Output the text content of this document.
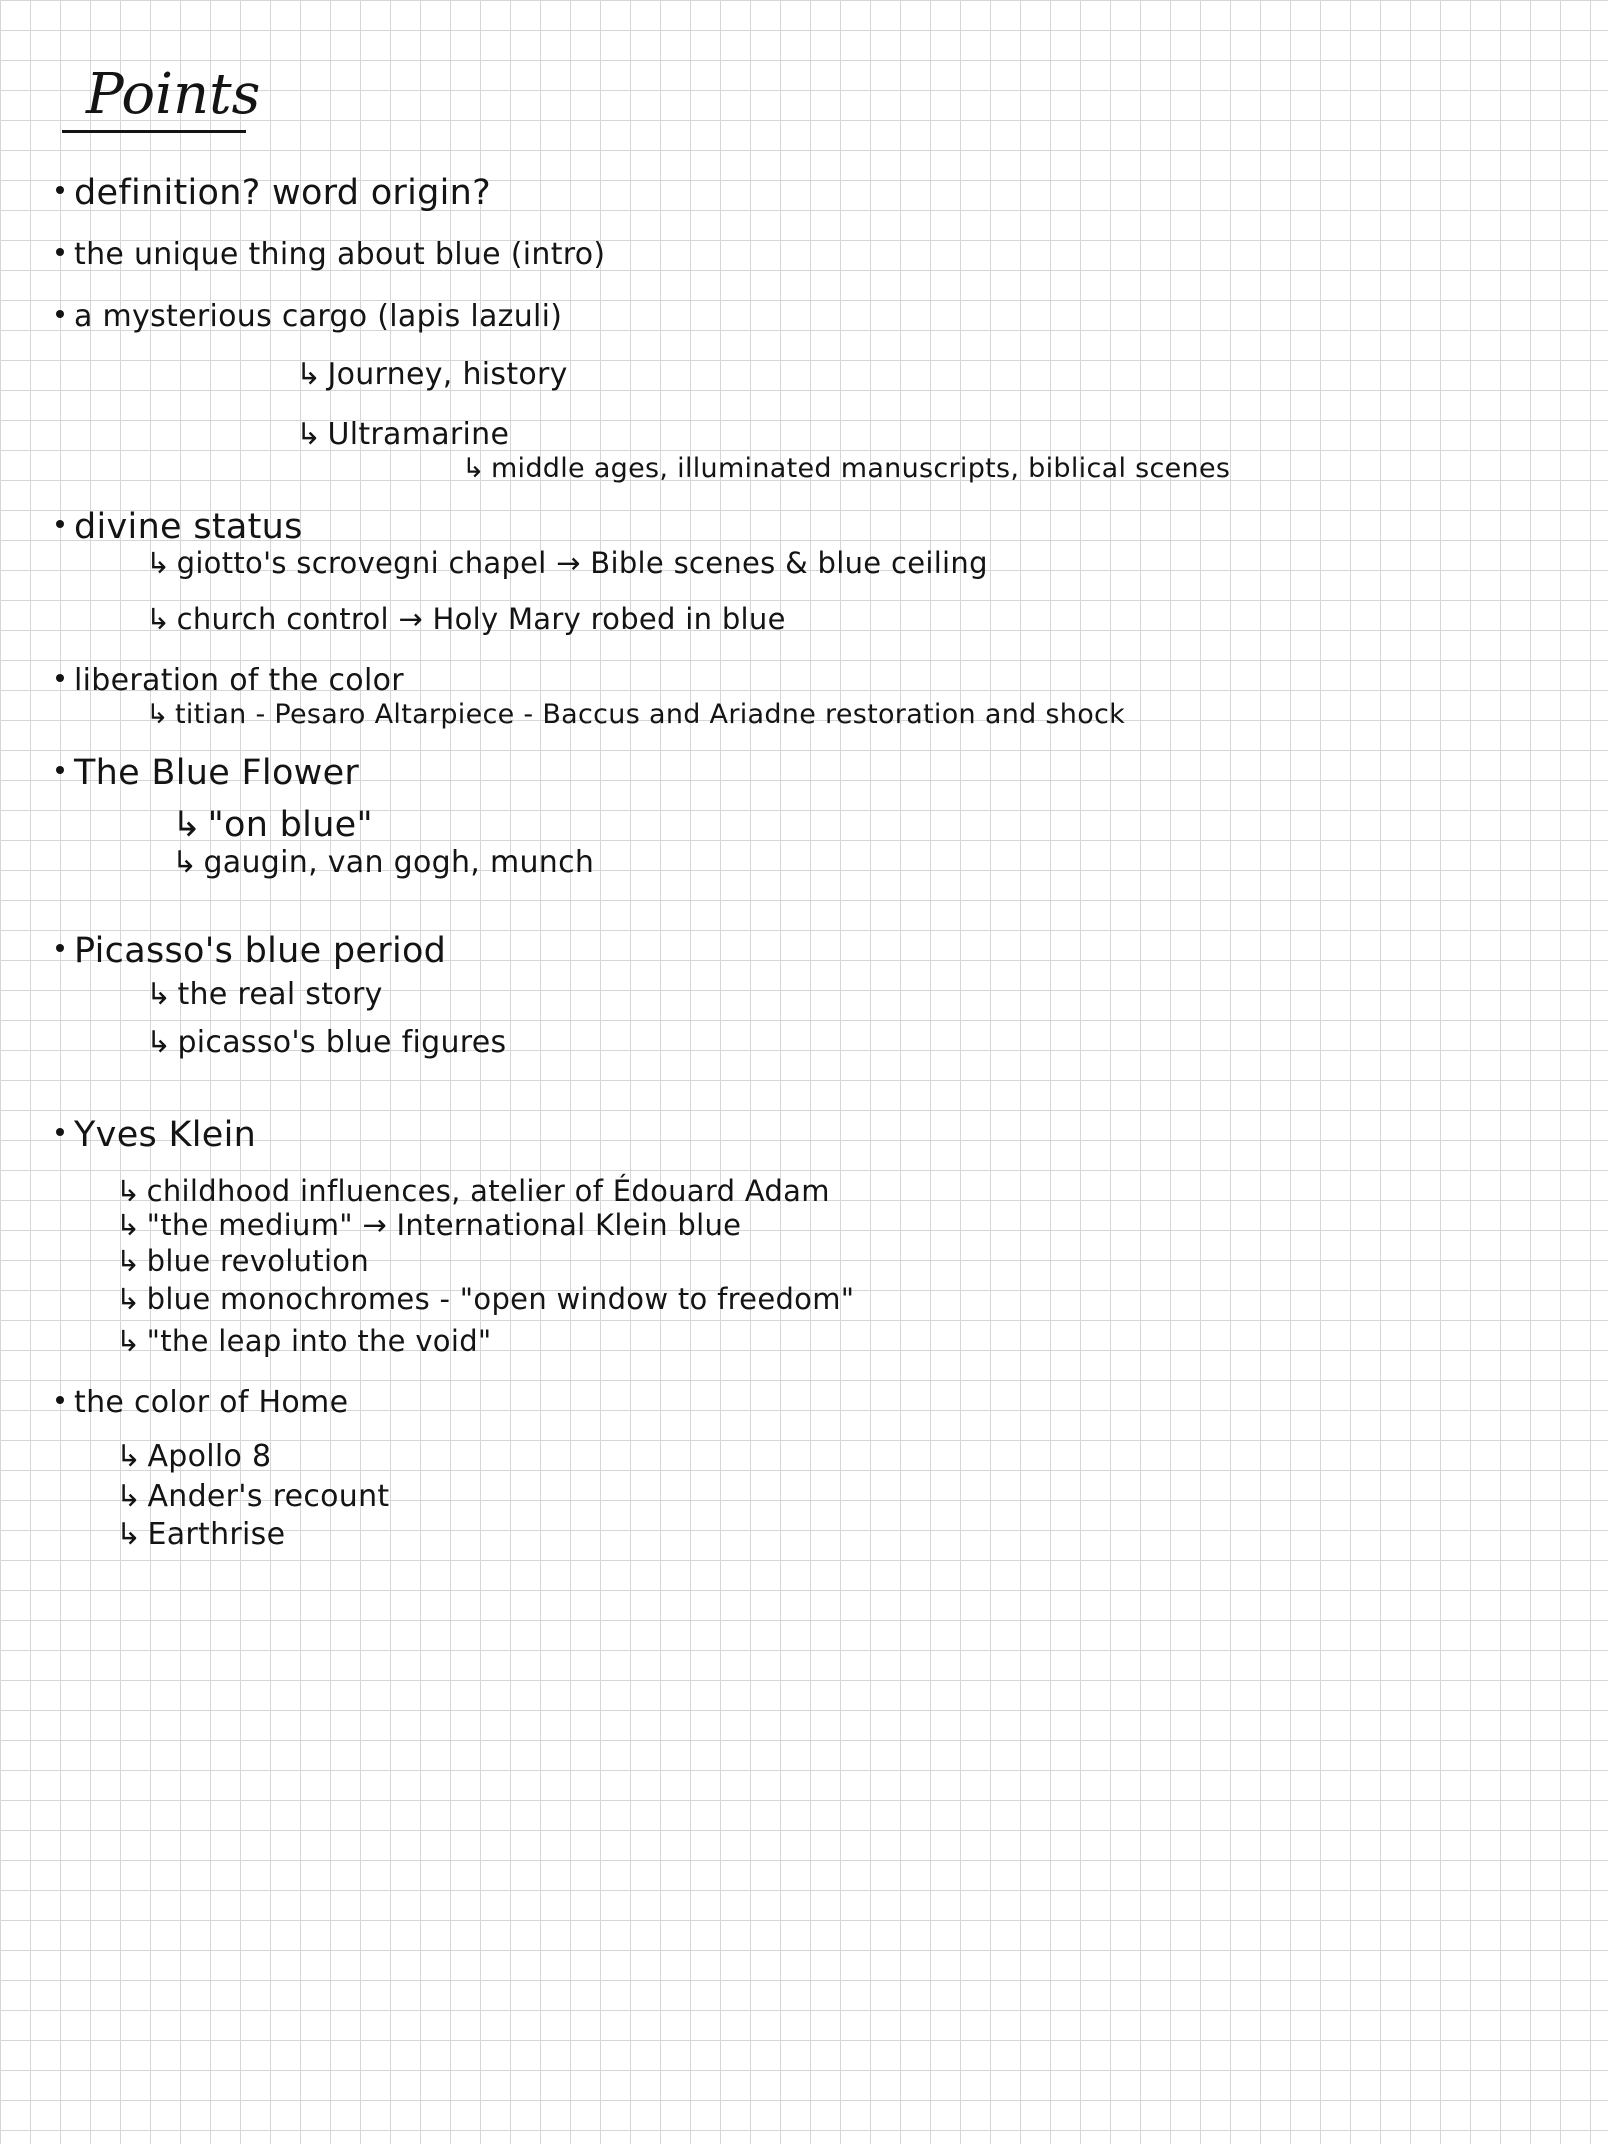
Points
definition? word origin?
the unique thing about blue (intro)
a mysterious cargo (lapis lazuli)
↳ Journey, history
↳ Ultramarine
↳ middle ages, illuminated manuscripts, biblical scenes
divine status
↳ giotto's scrovegni chapel → Bible scenes & blue ceiling
↳ church control → Holy Mary robed in blue
liberation of the color
↳ titian - Pesaro Altarpiece - Baccus and Ariadne restoration and shock
The Blue Flower
↳ "on blue"
↳ gaugin, van gogh, munch
Picasso's blue period
↳ the real story
↳ picasso's blue figures
Yves Klein
↳ childhood influences, atelier of Édouard Adam
↳ "the medium" → International Klein blue
↳ blue revolution
↳ blue monochromes - "open window to freedom"
↳ "the leap into the void"
the color of Home
↳ Apollo 8
↳ Ander's recount
↳ Earthrise
